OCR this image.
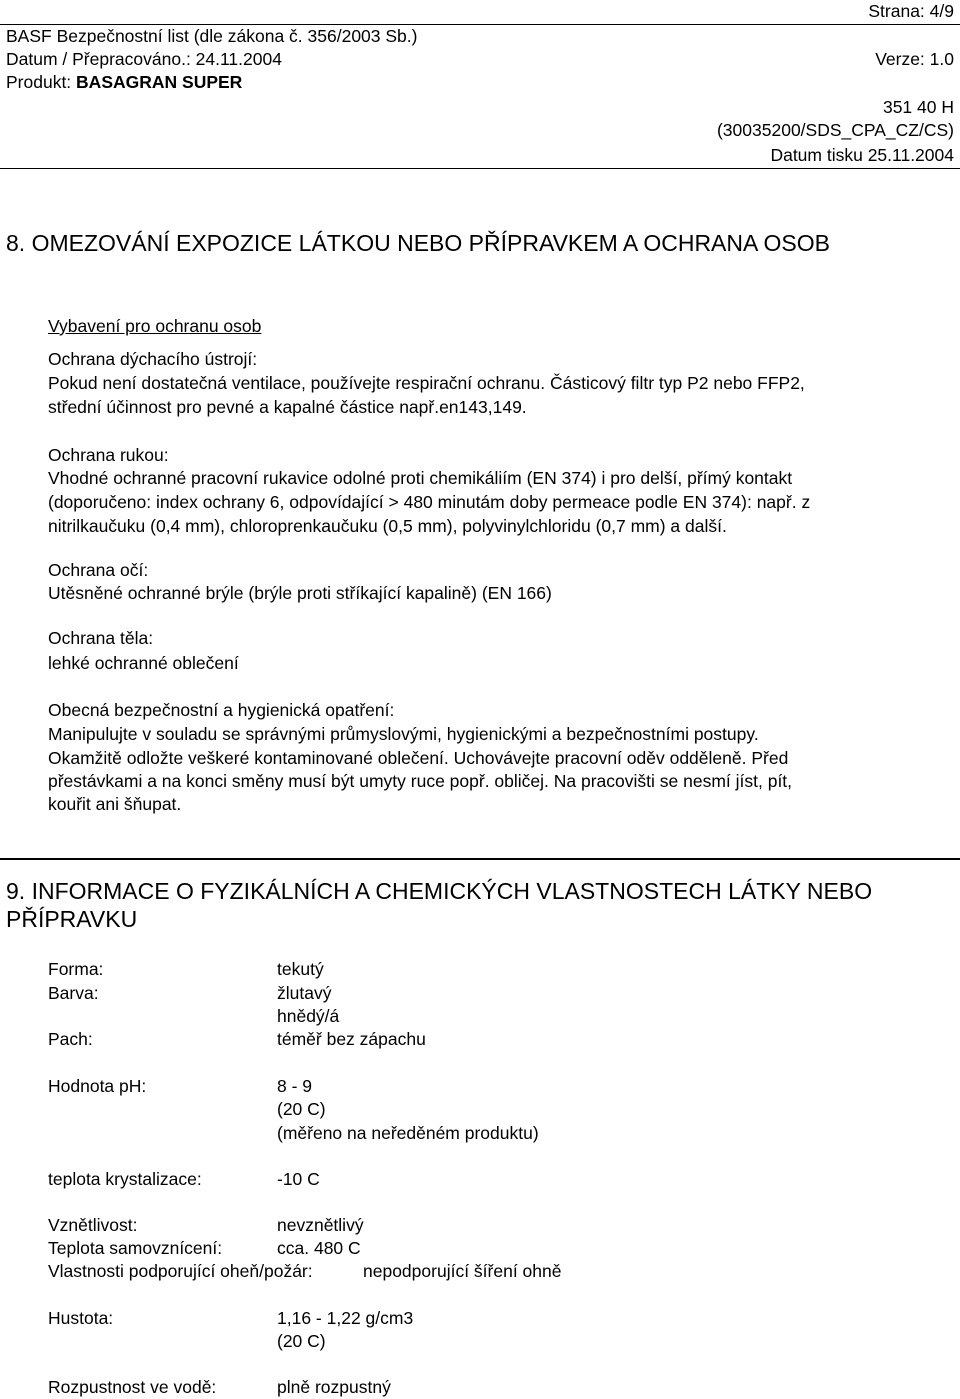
Strana: 4/9
BASF Bezpečnostní list (dle zákona č. 356/2003 Sb.)
Datum / Přepracováno.: 24.11.2004	Verze: 1.0
Produkt: BASAGRAN SUPER
351 40 H
(30035200/SDS_CPA_CZ/CS)
Datum tisku 25.11.2004
8. OMEZOVÁNÍ EXPOZICE LÁTKOU NEBO PŘÍPRAVKEM A OCHRANA OSOB
Vybavení pro ochranu osob
Ochrana dýchacího ústrojí:
Pokud není dostatečná ventilace, používejte respirační ochranu. Částicový filtr typ P2 nebo FFP2,
střední účinnost pro pevné a kapalné částice např.en143,149.
Ochrana rukou:
Vhodné ochranné pracovní rukavice odolné proti chemikáliím (EN 374) i pro delší, přímý kontakt
(doporučeno: index ochrany 6, odpovídající > 480 minutám doby permeace podle EN 374): např. z
nitrilkaučuku (0,4 mm), chloroprenkaučuku (0,5 mm), polyvinylchloridu (0,7 mm) a další.
Ochrana očí:
Utěsněné ochranné brýle (brýle proti stříkající kapalině) (EN 166)
Ochrana těla:
lehké ochranné oblečení
Obecná bezpečnostní a hygienická opatření:
Manipulujte v souladu se správnými průmyslovými, hygienickými a bezpečnostními postupy.
Okamžitě odložte veškeré kontaminované oblečení. Uchovávejte pracovní oděv odděleně. Před
přestávkami a na konci směny musí být umyty ruce popř. obličej. Na pracovišti se nesmí jíst, pít,
kouřit ani šňupat.
9. INFORMACE O FYZIKÁLNÍCH A CHEMICKÝCH VLASTNOSTECH LÁTKY NEBO
PŘÍPRAVKU
Forma:	tekutý
Barva:	žlutavý
hnědý/á
Pach:	téměř bez zápachu
Hodnota pH:	8 - 9
(20 C)
(měřeno na neředěném produktu)
teplota krystalizace:	-10 C
Vznětlivost:	nevznětlivý
Teplota samovznícení:	cca. 480 C
Vlastnosti podporující oheň/požár:	nepodporující šíření ohně
Hustota:	1,16 - 1,22 g/cm3
(20 C)
Rozpustnost ve vodě:	plně rozpustný
